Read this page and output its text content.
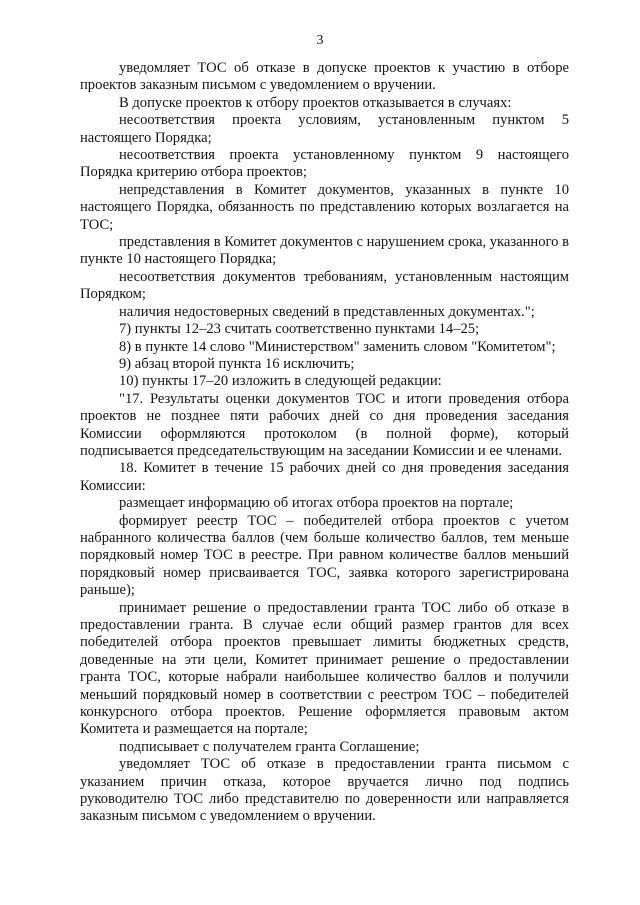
3

уведомляет ТОС об отказе в допуске проектов к участию в отборе проектов заказным письмом с уведомлением о вручении.

В допуске проектов к отбору проектов отказывается в случаях:

несоответствия проекта условиям, установленным пунктом 5 настоящего Порядка;

несоответствия проекта установленному пунктом 9 настоящего Порядка критерию отбора проектов;

непредставления в Комитет документов, указанных в пункте 10 настоящего Порядка, обязанность по представлению которых возлагается на ТОС;

представления в Комитет документов с нарушением срока, указанного в пункте 10 настоящего Порядка;

несоответствия документов требованиям, установленным настоящим Порядком;

наличия недостоверных сведений в представленных документах.";

7) пункты 12–23 считать соответственно пунктами 14–25;

8) в пункте 14 слово "Министерством" заменить словом "Комитетом";

9) абзац второй пункта 16 исключить;

10) пункты 17–20 изложить в следующей редакции:

"17. Результаты оценки документов ТОС и итоги проведения отбора проектов не позднее пяти рабочих дней со дня проведения заседания Комиссии оформляются протоколом (в полной форме), который подписывается председательствующим на заседании Комиссии и ее членами.

18. Комитет в течение 15 рабочих дней со дня проведения заседания Комиссии:

размещает информацию об итогах отбора проектов на портале;

формирует реестр ТОС – победителей отбора проектов с учетом набранного количества баллов (чем больше количество баллов, тем меньше порядковый номер ТОС в реестре. При равном количестве баллов меньший порядковый номер присваивается ТОС, заявка которого зарегистрирована раньше);

принимает решение о предоставлении гранта ТОС либо об отказе в предоставлении гранта. В случае если общий размер грантов для всех победителей отбора проектов превышает лимиты бюджетных средств, доведенные на эти цели, Комитет принимает решение о предоставлении гранта ТОС, которые набрали наибольшее количество баллов и получили меньший порядковый номер в соответствии с реестром ТОС – победителей конкурсного отбора проектов. Решение оформляется правовым актом Комитета и размещается на портале;

подписывает с получателем гранта Соглашение;

уведомляет ТОС об отказе в предоставлении гранта письмом с указанием причин отказа, которое вручается лично под подпись руководителю ТОС либо представителю по доверенности или направляется заказным письмом с уведомлением о вручении.
